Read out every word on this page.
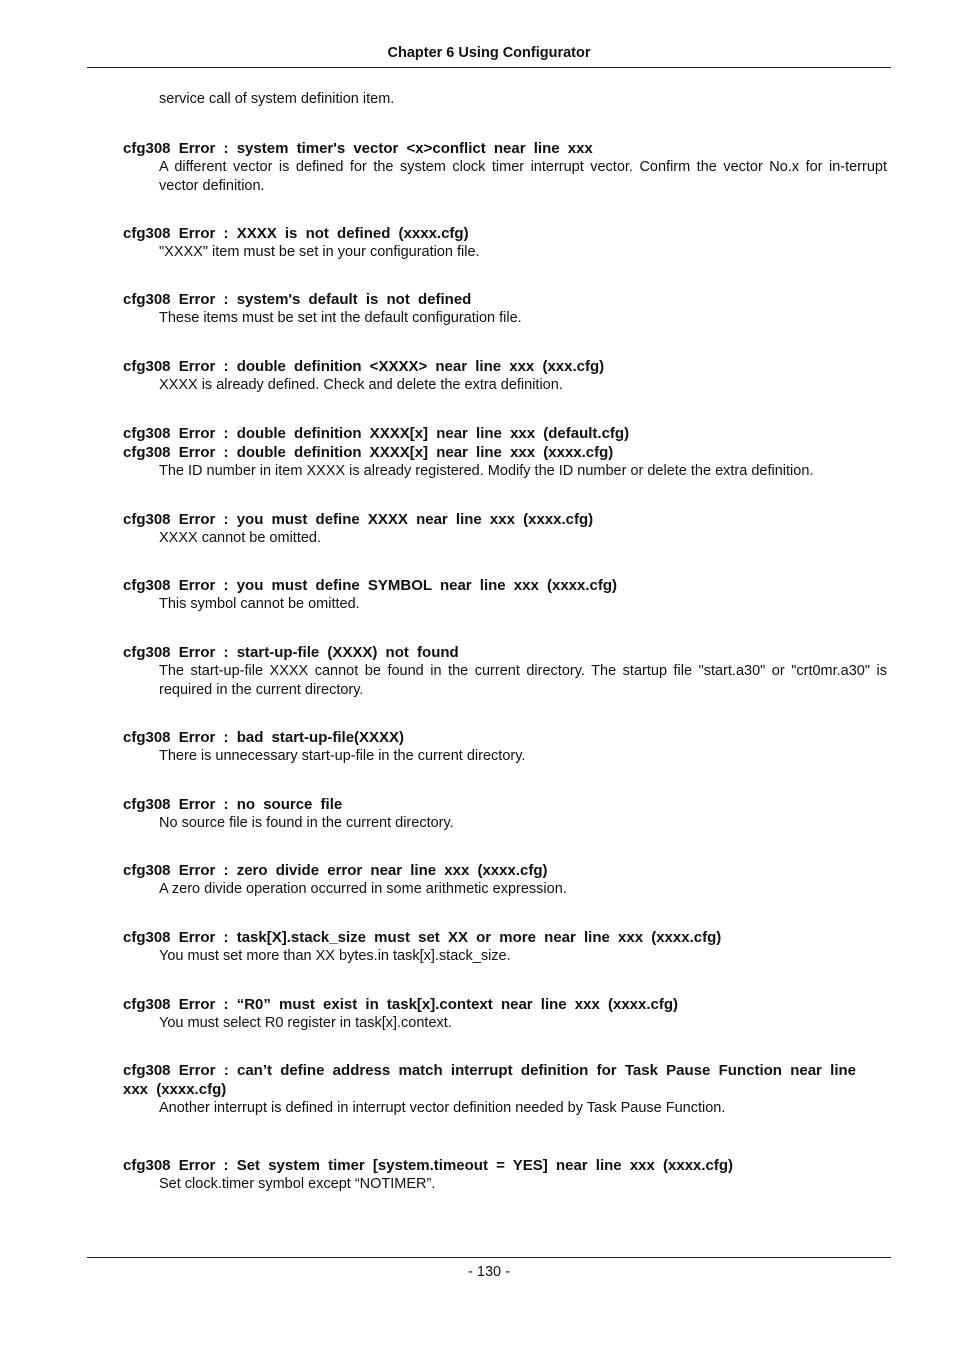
Chapter 6 Using Configurator
service call of system definition item.
cfg308 Error : system timer's vector <x>conflict near line xxx
A different vector is defined for the system clock timer interrupt vector. Confirm the vector No.x for in-terrupt vector definition.
cfg308 Error : XXXX is not defined (xxxx.cfg)
"XXXX" item must be set in your configuration file.
cfg308 Error : system's default is not defined
These items must be set int the default configuration file.
cfg308 Error : double definition <XXXX> near line xxx (xxx.cfg)
XXXX is already defined. Check and delete the extra definition.
cfg308 Error : double definition XXXX[x] near line xxx (default.cfg)
cfg308 Error : double definition XXXX[x] near line xxx (xxxx.cfg)
The ID number in item XXXX is already registered. Modify the ID number or delete the extra definition.
cfg308 Error : you must define XXXX near line xxx (xxxx.cfg)
XXXX cannot be omitted.
cfg308 Error : you must define SYMBOL near line xxx (xxxx.cfg)
This symbol cannot be omitted.
cfg308 Error : start-up-file (XXXX) not found
The start-up-file XXXX cannot be found in the current directory. The startup file "start.a30" or "crt0mr.a30" is required in the current directory.
cfg308 Error : bad start-up-file(XXXX)
There is unnecessary start-up-file in the current directory.
cfg308 Error : no source file
No source file is found in the current directory.
cfg308 Error : zero divide error near line xxx (xxxx.cfg)
A zero divide operation occurred in some arithmetic expression.
cfg308 Error : task[X].stack_size must set XX or more near line xxx (xxxx.cfg)
You must set more than XX bytes.in task[x].stack_size.
cfg308 Error : “R0” must exist in task[x].context near line xxx (xxxx.cfg)
You must select R0 register in task[x].context.
cfg308 Error : can’t define address match interrupt definition for Task Pause Function near line xxx (xxxx.cfg)
Another interrupt is defined in interrupt vector definition needed by Task Pause Function.
cfg308 Error : Set system timer [system.timeout = YES] near line xxx (xxxx.cfg)
Set clock.timer symbol except “NOTIMER”.
- 130 -
